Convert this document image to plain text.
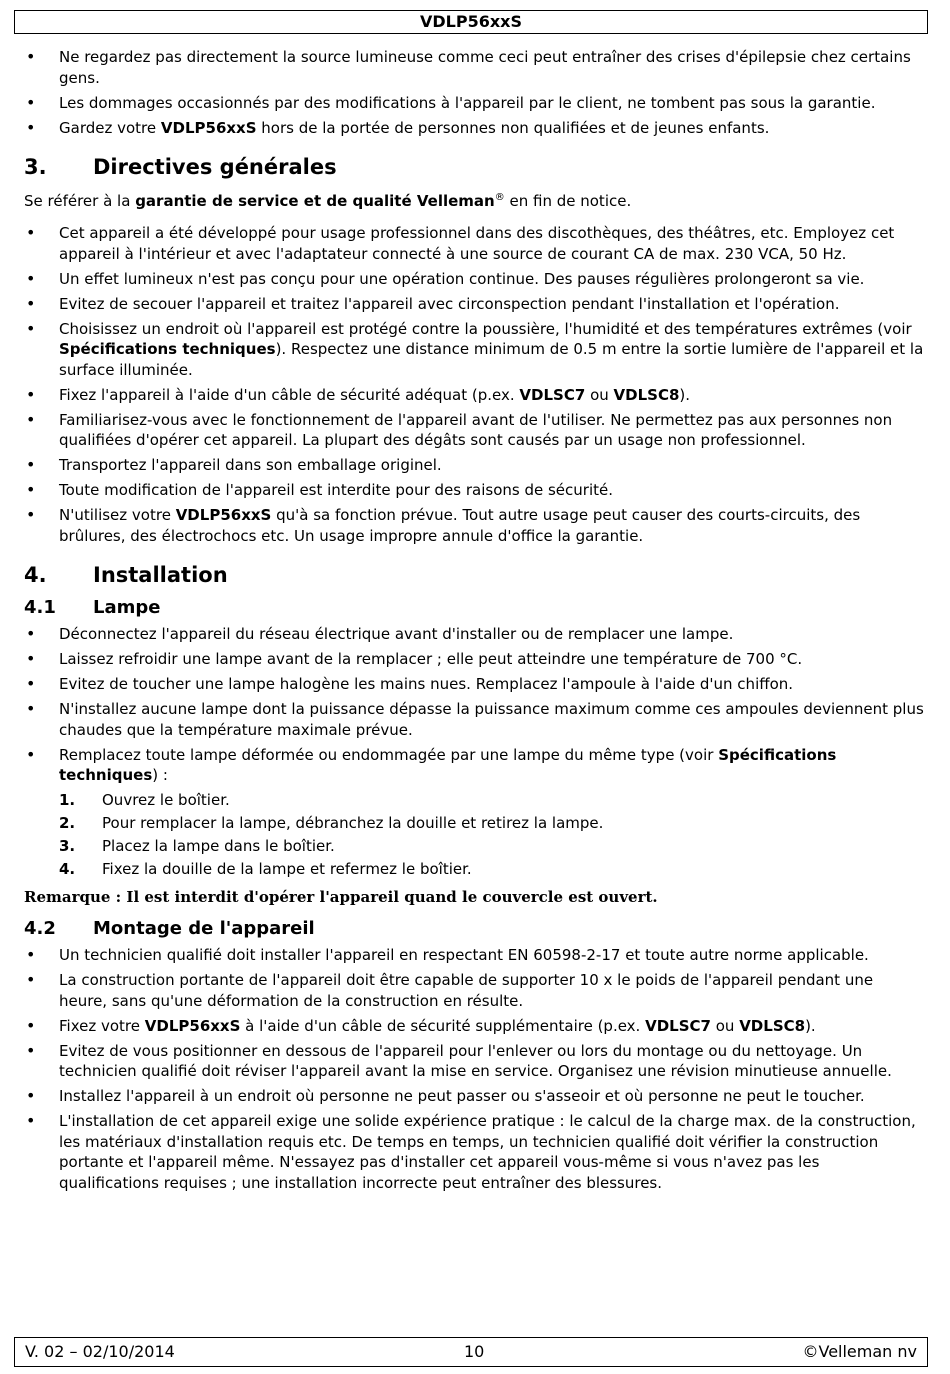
VDLP56xxS
• Ne regardez pas directement la source lumineuse comme ceci peut entraîner des crises d'épilepsie chez certains gens.
• Les dommages occasionnés par des modifications à l'appareil par le client, ne tombent pas sous la garantie.
• Gardez votre VDLP56xxS hors de la portée de personnes non qualifiées et de jeunes enfants.
3. Directives générales
Se référer à la garantie de service et de qualité Velleman® en fin de notice.
• Cet appareil a été développé pour usage professionnel dans des discothèques, des théâtres, etc. Employez cet appareil à l'intérieur et avec l'adaptateur connecté à une source de courant CA de max. 230 VCA, 50 Hz.
• Un effet lumineux n'est pas conçu pour une opération continue. Des pauses régulières prolongeront sa vie.
• Evitez de secouer l'appareil et traitez l'appareil avec circonspection pendant l'installation et l'opération.
• Choisissez un endroit où l'appareil est protégé contre la poussière, l'humidité et des températures extrêmes (voir Spécifications techniques). Respectez une distance minimum de 0.5 m entre la sortie lumière de l'appareil et la surface illuminée.
• Fixez l'appareil à l'aide d'un câble de sécurité adéquat (p.ex. VDLSC7 ou VDLSC8).
• Familiarisez-vous avec le fonctionnement de l'appareil avant de l'utiliser. Ne permettez pas aux personnes non qualifiées d'opérer cet appareil. La plupart des dégâts sont causés par un usage non professionnel.
• Transportez l'appareil dans son emballage originel.
• Toute modification de l'appareil est interdite pour des raisons de sécurité.
• N'utilisez votre VDLP56xxS qu'à sa fonction prévue. Tout autre usage peut causer des courts-circuits, des brûlures, des électrochocs etc. Un usage impropre annule d'office la garantie.
4. Installation
4.1 Lampe
• Déconnectez l'appareil du réseau électrique avant d'installer ou de remplacer une lampe.
• Laissez refroidir une lampe avant de la remplacer ; elle peut atteindre une température de 700 °C.
• Evitez de toucher une lampe halogène les mains nues. Remplacez l'ampoule à l'aide d'un chiffon.
• N'installez aucune lampe dont la puissance dépasse la puissance maximum comme ces ampoules deviennent plus chaudes que la température maximale prévue.
• Remplacez toute lampe déformée ou endommagée par une lampe du même type (voir Spécifications techniques) :
1. Ouvrez le boîtier.
2. Pour remplacer la lampe, débranchez la douille et retirez la lampe.
3. Placez la lampe dans le boîtier.
4. Fixez la douille de la lampe et refermez le boîtier.
Remarque : Il est interdit d'opérer l'appareil quand le couvercle est ouvert.
4.2 Montage de l'appareil
• Un technicien qualifié doit installer l'appareil en respectant EN 60598-2-17 et toute autre norme applicable.
• La construction portante de l'appareil doit être capable de supporter 10 x le poids de l'appareil pendant une heure, sans qu'une déformation de la construction en résulte.
• Fixez votre VDLP56xxS à l'aide d'un câble de sécurité supplémentaire (p.ex. VDLSC7 ou VDLSC8).
• Evitez de vous positionner en dessous de l'appareil pour l'enlever ou lors du montage ou du nettoyage. Un technicien qualifié doit réviser l'appareil avant la mise en service. Organisez une révision minutieuse annuelle.
• Installez l'appareil à un endroit où personne ne peut passer ou s'asseoir et où personne ne peut le toucher.
• L'installation de cet appareil exige une solide expérience pratique : le calcul de la charge max. de la construction, les matériaux d'installation requis etc. De temps en temps, un technicien qualifié doit vérifier la construction portante et l'appareil même. N'essayez pas d'installer cet appareil vous-même si vous n'avez pas les qualifications requises ; une installation incorrecte peut entraîner des blessures.
V. 02 – 02/10/2014	10	©Velleman nv
